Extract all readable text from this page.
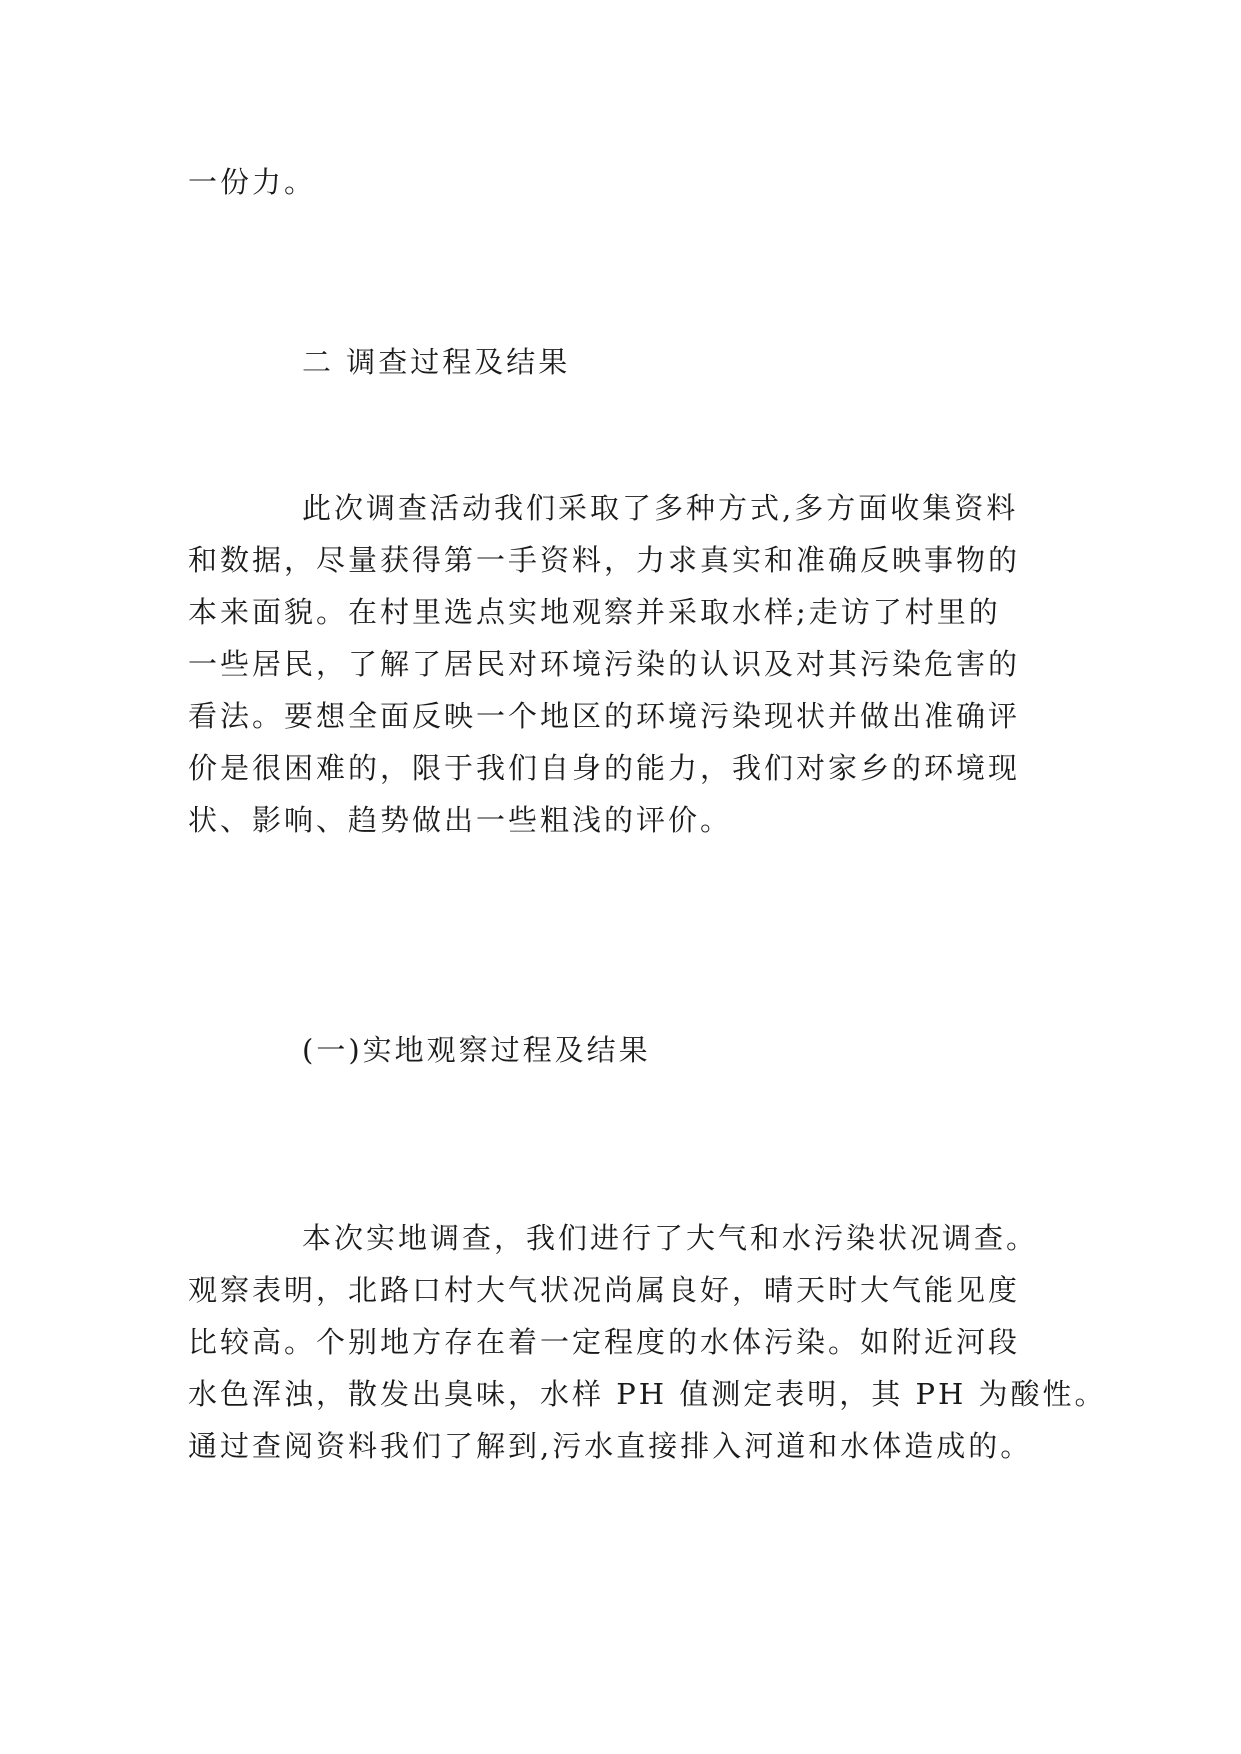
一份力。

二 调查过程及结果

此次调查活动我们采取了多种方式,多方面收集资料

和数据，尽量获得第一手资料，力求真实和准确反映事物的

本来面貌。在村里选点实地观察并采取水样;走访了村里的

一些居民，了解了居民对环境污染的认识及对其污染危害的

看法。要想全面反映一个地区的环境污染现状并做出准确评

价是很困难的，限于我们自身的能力，我们对家乡的环境现

状、影响、趋势做出一些粗浅的评价。

(一)实地观察过程及结果

本次实地调查，我们进行了大气和水污染状况调查。

观察表明，北路口村大气状况尚属良好，晴天时大气能见度

比较高。个别地方存在着一定程度的水体污染。如附近河段

水色浑浊，散发出臭味，水样 PH 值测定表明，其 PH 为酸性。

通过查阅资料我们了解到,污水直接排入河道和水体造成的。
